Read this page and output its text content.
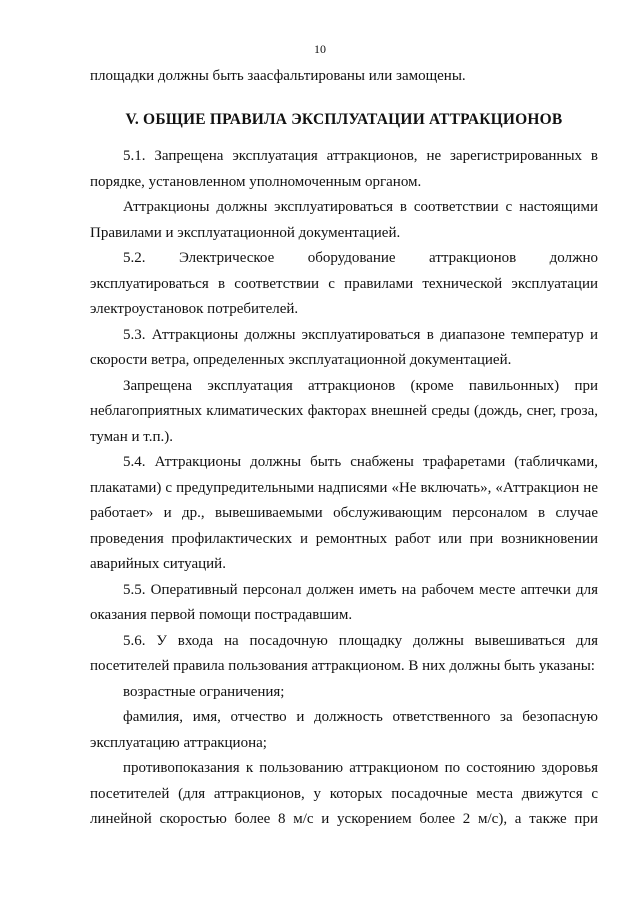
10

площадки должны быть заасфальтированы или замощены.

V. ОБЩИЕ ПРАВИЛА ЭКСПЛУАТАЦИИ АТТРАКЦИОНОВ

5.1. Запрещена эксплуатация аттракционов, не зарегистрированных в порядке, установленном уполномоченным органом.

Аттракционы должны эксплуатироваться в соответствии с настоящими Правилами и эксплуатационной документацией.

5.2. Электрическое оборудование аттракционов должно эксплуатироваться в соответствии с правилами технической эксплуатации электроустановок потребителей.

5.3. Аттракционы должны эксплуатироваться в диапазоне температур и скорости ветра, определенных эксплуатационной документацией.

Запрещена эксплуатация аттракционов (кроме павильонных) при неблагоприятных климатических факторах внешней среды (дождь, снег, гроза, туман и т.п.).

5.4. Аттракционы должны быть снабжены трафаретами (табличками, плакатами) с предупредительными надписями «Не включать», «Аттракцион не работает» и др., вывешиваемыми обслуживающим персоналом в случае проведения профилактических и ремонтных работ или при возникновении аварийных ситуаций.

5.5. Оперативный персонал должен иметь на рабочем месте аптечки для оказания первой помощи пострадавшим.

5.6. У входа на посадочную площадку должны вывешиваться для посетителей правила пользования аттракционом. В них должны быть указаны:

возрастные ограничения;

фамилия, имя, отчество и должность ответственного за безопасную эксплуатацию аттракциона;

противопоказания к пользованию аттракционом по состоянию здоровья посетителей (для аттракционов, у которых посадочные места движутся с линейной скоростью более 8 м/с и ускорением более 2 м/с), а также при
